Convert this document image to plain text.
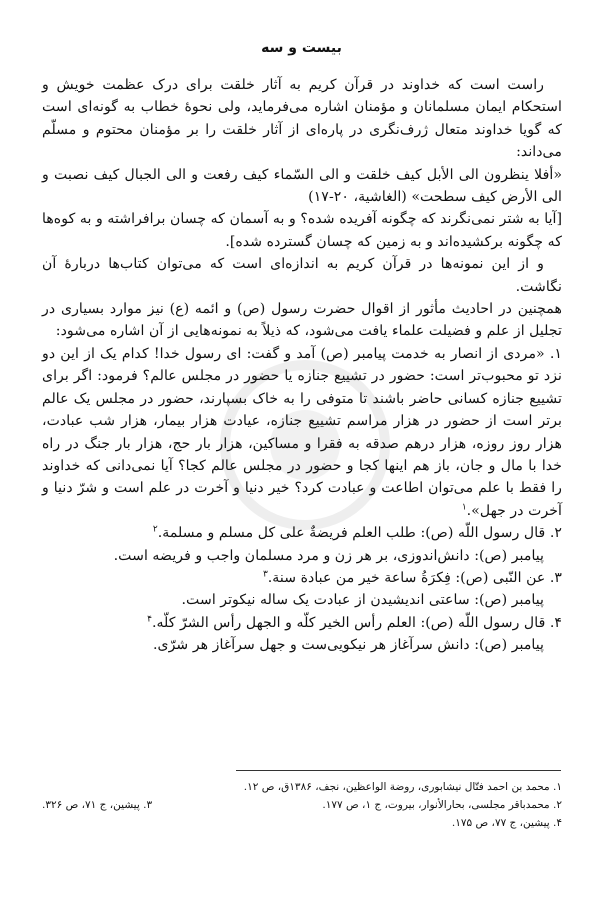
بیست و سه

راست است که خداوند در قرآن کریم به آثار خلقت برای درک عظمت خویش و استحکام ایمان مسلمانان و مؤمنان اشاره می‌فرماید، ولی نحوهٔ خطاب به گونه‌ای است که گویا خداوند متعال ژرف‌نگری در پاره‌ای از آثار خلقت را بر مؤمنان محتوم و مسلّم می‌داند:

«أفلا ینظرون الی الأبل کیف خلقت و الی السّماء کیف رفعت و الی الجبال کیف نصبت و الی الأرض کیف سطحت» (الغاشیة، ۲۰-۱۷)

[آیا به شتر نمی‌نگرند که چگونه آفریده شده؟ و به آسمان که چسان برافراشته و به کوه‌ها که چگونه برکشیده‌اند و به زمین که چسان گسترده شده].

و از این نمونه‌ها در قرآن کریم به اندازه‌ای است که می‌توان کتاب‌ها دربارهٔ آن نگاشت.

همچنین در احادیث مأثور از اقوال حضرت رسول (ص) و ائمه (ع) نیز موارد بسیاری در تجلیل از علم و فضیلت علماء یافت می‌شود، که ذیلاً به نمونه‌هایی از آن اشاره می‌شود:

۱. «مردی از انصار به خدمت پیامبر (ص) آمد و گفت: ای رسول خدا! کدام یک از این دو نزد تو محبوب‌تر است: حضور در تشییع جنازه یا حضور در مجلس عالم؟ فرمود: اگر برای تشییع جنازه کسانی حاضر باشند تا متوفی را به خاک بسپارند، حضور در مجلس یک عالم برتر است از حضور در هزار مراسم تشییع جنازه، عیادت هزار بیمار، هزار شب عبادت، هزار روز روزه، هزار درهم صدقه به فقرا و مساکین، هزار بار حج، هزار بار جنگ در راه خدا با مال و جان، باز هم اینها کجا و حضور در مجلس عالم کجا؟ آیا نمی‌دانی که خداوند را فقط با علم می‌توان اطاعت و عبادت کرد؟ خیر دنیا و آخرت در علم است و شرّ دنیا و آخرت در جهل».$^۱$

۲. قال رسول اللّه (ص): طلب العلم فریضةٌ علی کل مسلم و مسلمة.$^۲$

پیامبر (ص): دانش‌اندوزی، بر هر زن و مرد مسلمان واجب و فریضه است.

۳. عن النّبی (ص): فِکرَةُ ساعة خیر من عبادة سنة.$^۳$

پیامبر (ص): ساعتی اندیشیدن از عبادت یک ساله نیکوتر است.

۴. قال رسول اللّه (ص): العلم رأس الخیر کلّه و الجهل رأس الشرّ کلّه.$^۴$

پیامبر (ص): دانش سرآغاز هر نیکویی‌ست و جهل سرآغاز هر شرّی.

۱. محمد بن احمد فتّال نیشابوری، روضة الواعظین، نجف، ۱۳۸۶ق، ص ۱۲.
۲. محمدباقر مجلسی، بحارالأنوار، بیروت، ج ۱، ص ۱۷۷.
۳. پیشین، ج ۷۱، ص ۳۲۶.
۴. پیشین، ج ۷۷، ص ۱۷۵.
